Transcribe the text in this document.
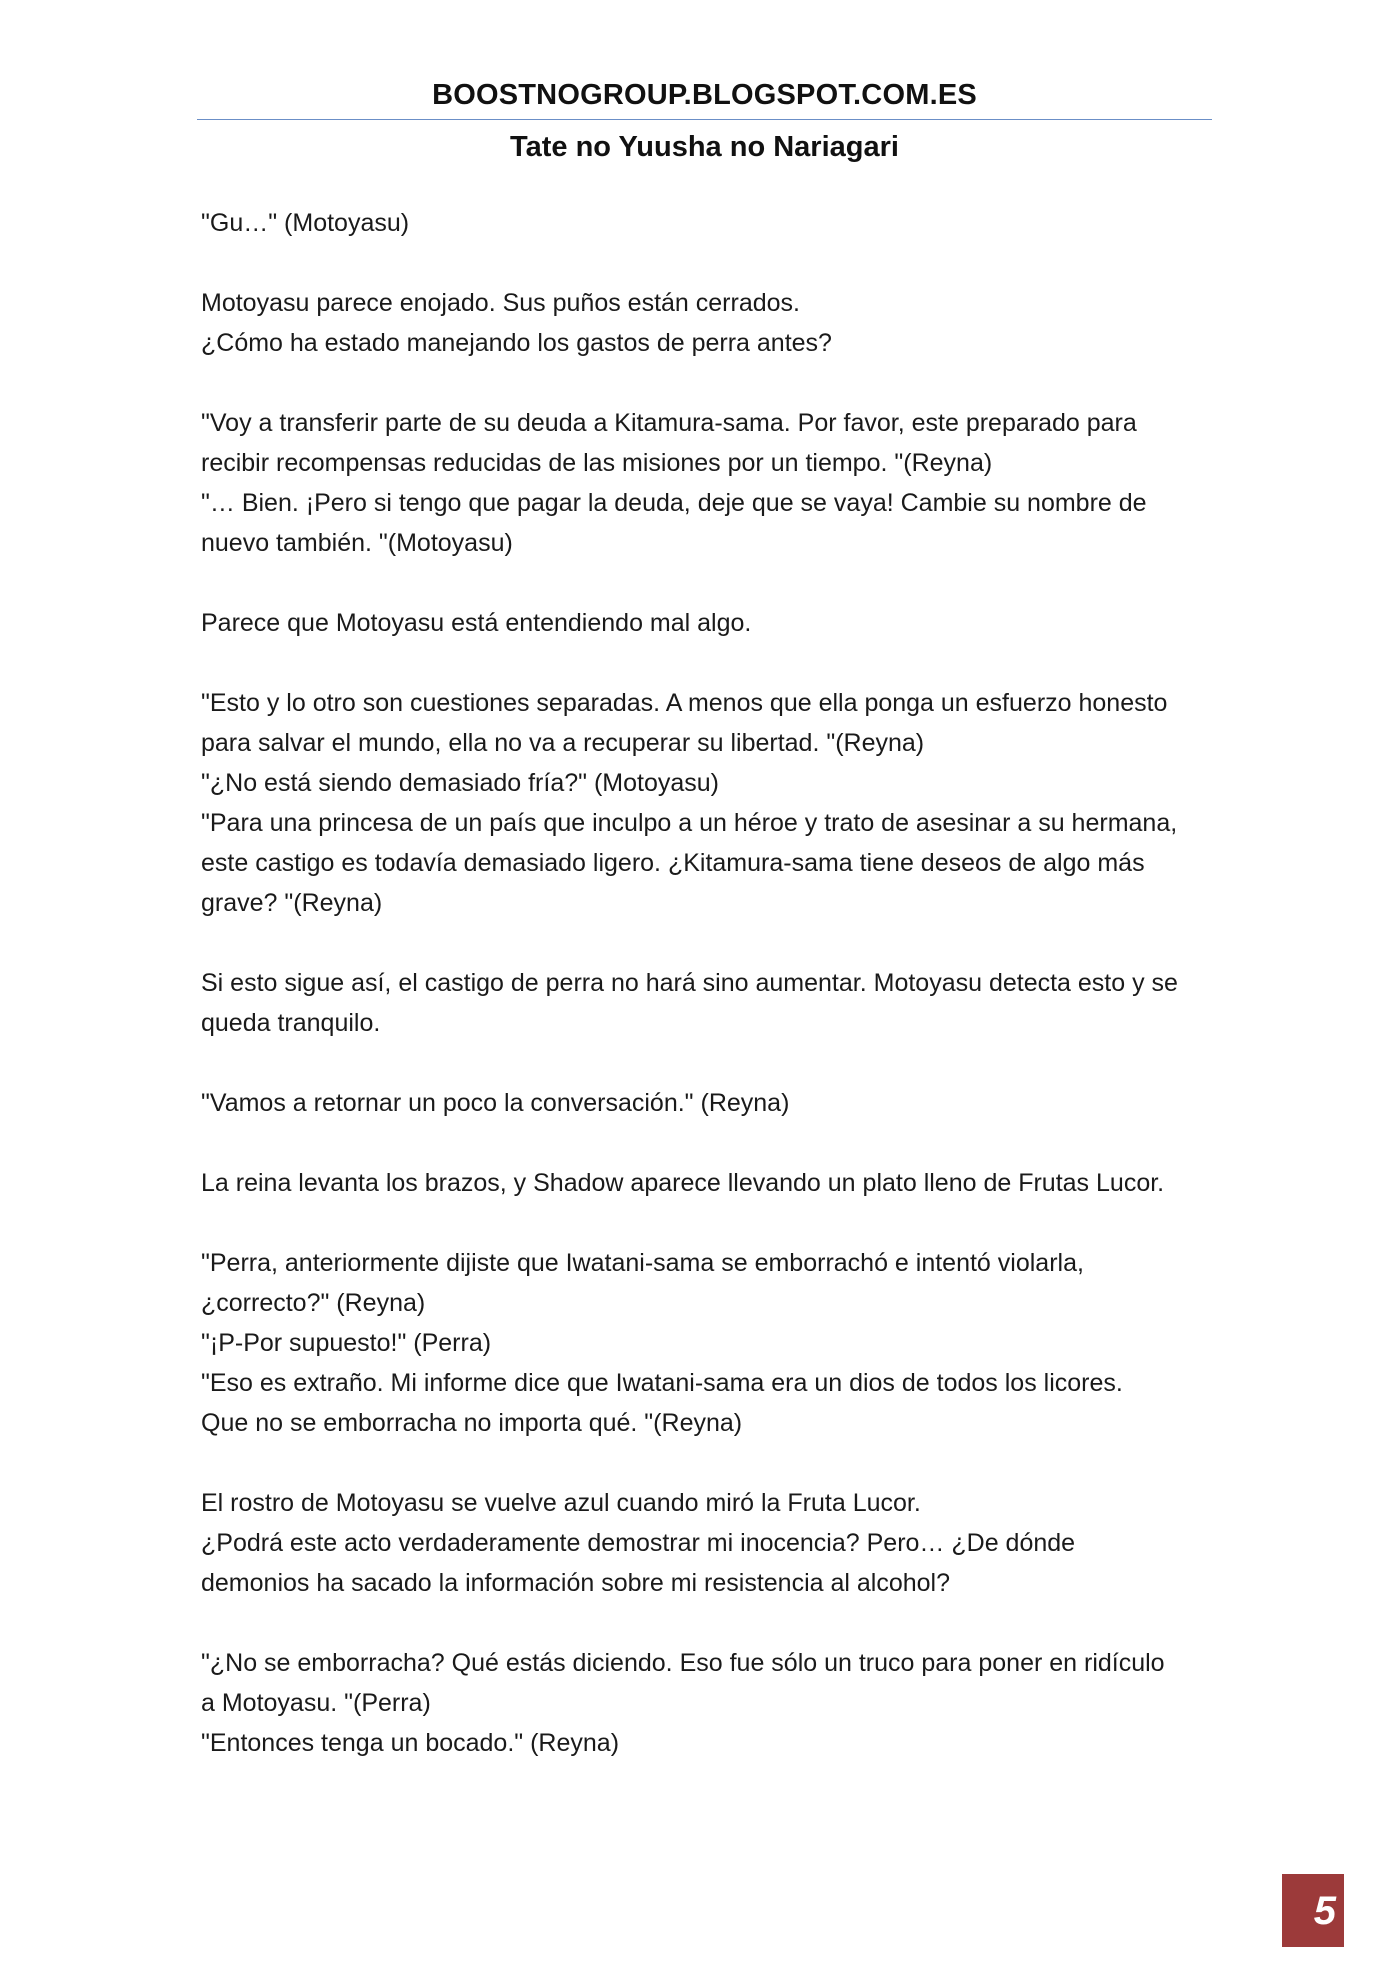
BOOSTNOGROUP.BLOGSPOT.COM.ES
Tate no Yuusha no Nariagari

"Gu…" (Motoyasu)

Motoyasu parece enojado. Sus puños están cerrados.

¿Cómo ha estado manejando los gastos de perra antes?

"Voy a transferir parte de su deuda a Kitamura-sama. Por favor, este preparado para

recibir recompensas reducidas de las misiones por un tiempo. "(Reyna)

"… Bien. ¡Pero si tengo que pagar la deuda, deje que se vaya! Cambie su nombre de

nuevo también. "(Motoyasu)

Parece que Motoyasu está entendiendo mal algo.

"Esto y lo otro son cuestiones separadas. A menos que ella ponga un esfuerzo honesto

para salvar el mundo, ella no va a recuperar su libertad. "(Reyna)

"¿No está siendo demasiado fría?" (Motoyasu)

"Para una princesa de un país que inculpo a un héroe y trato de asesinar a su hermana,

este castigo es todavía demasiado ligero. ¿Kitamura-sama tiene deseos de algo más

grave? "(Reyna)

Si esto sigue así, el castigo de perra no hará sino aumentar. Motoyasu detecta esto y se

queda tranquilo.

"Vamos a retornar un poco la conversación." (Reyna)

La reina levanta los brazos, y Shadow aparece llevando un plato lleno de Frutas Lucor.

"Perra, anteriormente dijiste que Iwatani-sama se emborrachó e intentó violarla,

¿correcto?" (Reyna)

"¡P-Por supuesto!" (Perra)

"Eso es extraño. Mi informe dice que Iwatani-sama era un dios de todos los licores.

Que no se emborracha no importa qué. "(Reyna)

El rostro de Motoyasu se vuelve azul cuando miró la Fruta Lucor.

¿Podrá este acto verdaderamente demostrar mi inocencia? Pero… ¿De dónde

demonios ha sacado la información sobre mi resistencia al alcohol?

"¿No se emborracha? Qué estás diciendo. Eso fue sólo un truco para poner en ridículo

a Motoyasu. "(Perra)

"Entonces tenga un bocado." (Reyna)

5
